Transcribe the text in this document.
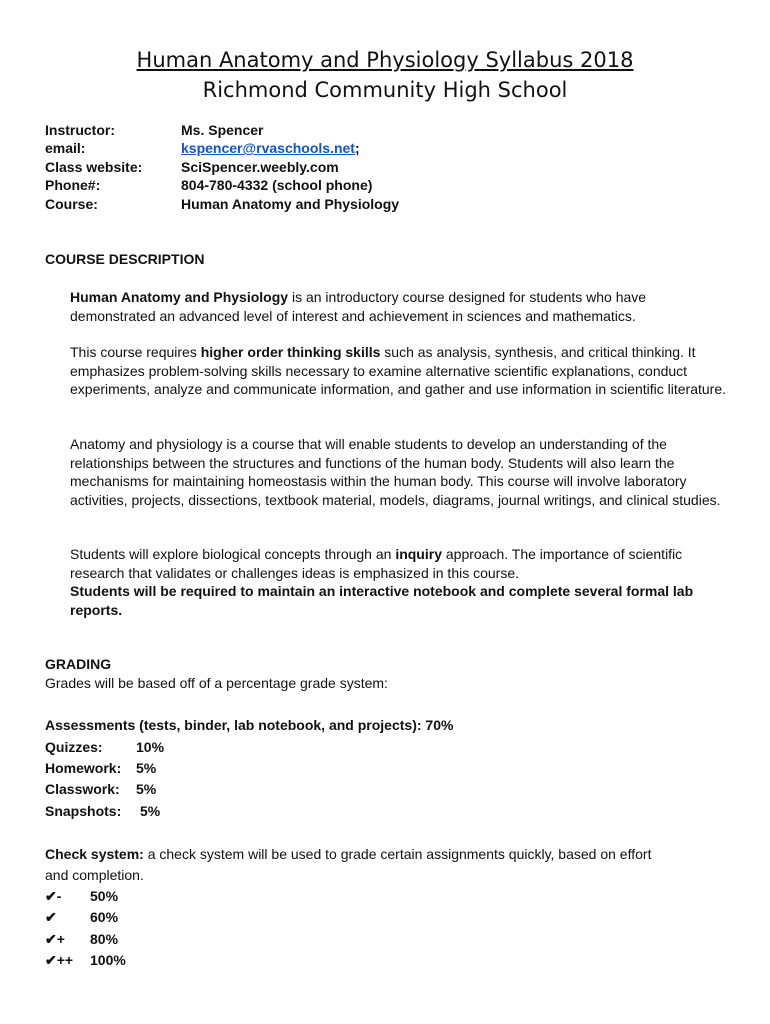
Human Anatomy and Physiology Syllabus 2018
Richmond Community High School
Instructor:	Ms. Spencer
email:	kspencer@rvaschools.net;
Class website:	SciSpencer.weebly.com
Phone#:	804-780-4332 (school phone)
Course:	Human Anatomy and Physiology
COURSE DESCRIPTION
Human Anatomy and Physiology is an introductory course designed for students who have demonstrated an advanced level of interest and achievement in sciences and mathematics.
This course requires higher order thinking skills such as analysis, synthesis, and critical thinking. It emphasizes problem-solving skills necessary to examine alternative scientific explanations, conduct experiments, analyze and communicate information, and gather and use information in scientific literature.
Anatomy and physiology is a course that will enable students to develop an understanding of the relationships between the structures and functions of the human body. Students will also learn the mechanisms for maintaining homeostasis within the human body. This course will involve laboratory activities, projects, dissections, textbook material, models, diagrams, journal writings, and clinical studies.
Students will explore biological concepts through an inquiry approach. The importance of scientific research that validates or challenges ideas is emphasized in this course.
Students will be required to maintain an interactive notebook and complete several formal lab reports.
GRADING
Grades will be based off of a percentage grade system:
Assessments (tests, binder, lab notebook, and projects): 70%
Quizzes: 10%
Homework: 5%
Classwork: 5%
Snapshots: 5%
Check system: a check system will be used to grade certain assignments quickly, based on effort
and completion.
✔- 50%
✔ 60%
✔+ 80%
✔++ 100%
